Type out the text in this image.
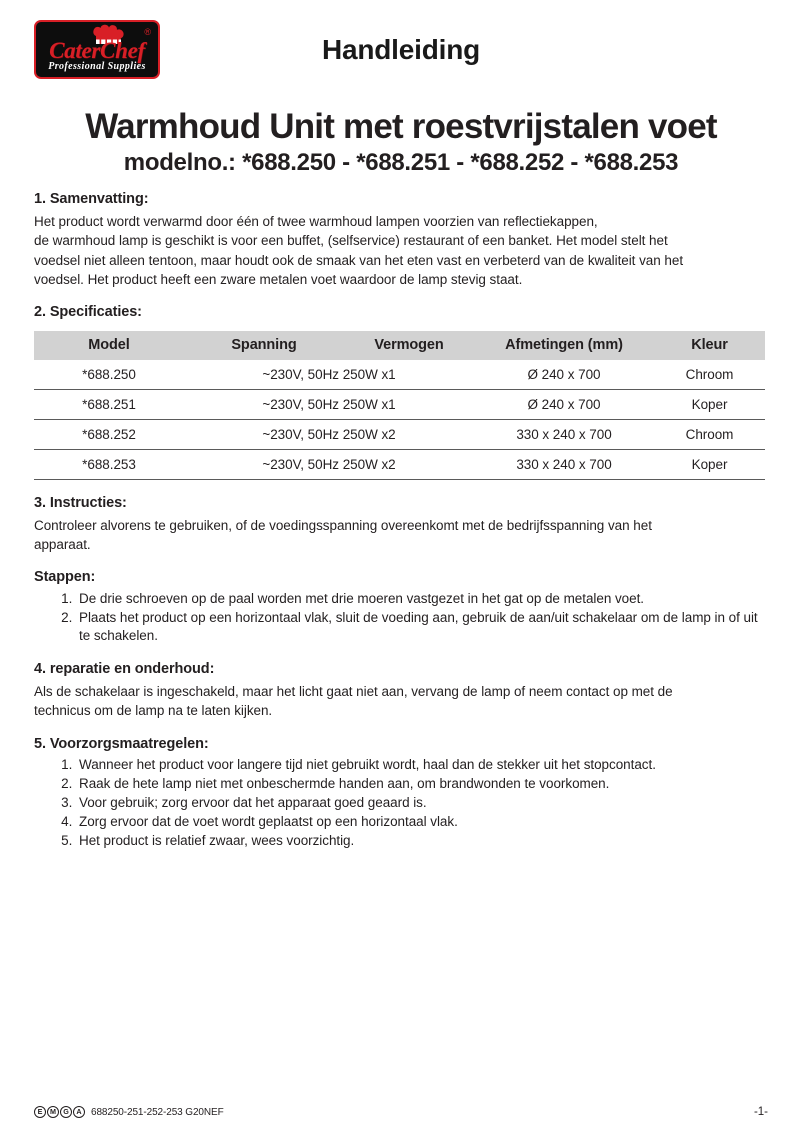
®
CaterChef
Professional Supplies
Handleiding
Warmhoud Unit met roestvrijstalen voet
modelno.: *688.250 - *688.251 - *688.252 - *688.253
1. Samenvatting:

Het product wordt verwarmd door één of twee warmhoud lampen voorzien van reflectiekappen,
de warmhoud lamp is geschikt is voor een buffet, (selfservice) restaurant of een banket. Het model stelt het
voedsel niet alleen tentoon, maar houdt ook de smaak van het eten vast en verbeterd van de kwaliteit van het
voedsel. Het product heeft een zware metalen voet waardoor de lamp stevig staat.

2. Specificaties:
Model	Spanning	Vermogen	Afmetingen (mm)	Kleur
*688.250	~230V, 50Hz 250W x1		Ø 240 x 700	Chroom
*688.251	~230V, 50Hz 250W x1		Ø 240 x 700	Koper
*688.252	~230V, 50Hz 250W x2		330 x 240 x 700	Chroom
*688.253	~230V, 50Hz 250W x2		330 x 240 x 700	Koper
3. Instructies:

Controleer alvorens te gebruiken, of de voedingsspanning overeenkomt met de bedrijfsspanning van het
apparaat.

Stappen:
1. De drie schroeven op de paal worden met drie moeren vastgezet in het gat op de metalen voet.
2. Plaats het product op een horizontaal vlak, sluit de voeding aan, gebruik de aan/uit schakelaar om de lamp in of uit te schakelen.
4. reparatie en onderhoud:

Als de schakelaar is ingeschakeld, maar het licht gaat niet aan, vervang de lamp of neem contact op met de
technicus om de lamp na te laten kijken.

5. Voorzorgsmaatregelen:
1. Wanneer het product voor langere tijd niet gebruikt wordt, haal dan de stekker uit het stopcontact.
2. Raak de hete lamp niet met onbeschermde handen aan, om brandwonden te voorkomen.
3. Voor gebruik; zorg ervoor dat het apparaat goed geaard is.
4. Zorg ervoor dat de voet wordt geplaatst op een horizontaal vlak.
5. Het product is relatief zwaar, wees voorzichtig.
E	M	G	A 688250-251-252-253 G20NEF	-1-
